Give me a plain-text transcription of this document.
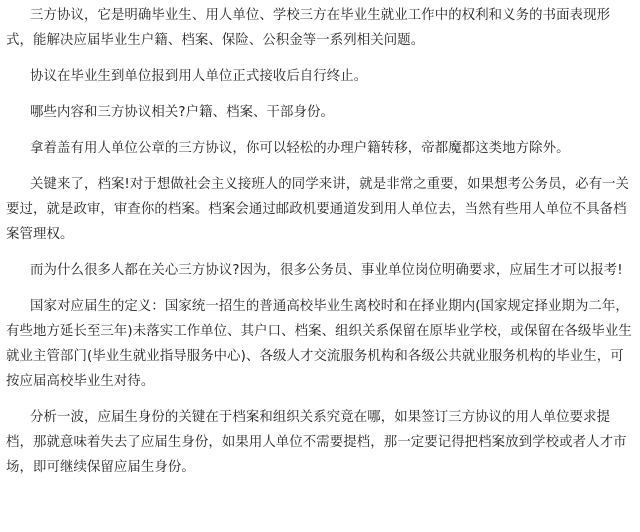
三方协议，它是明确毕业生、用人单位、学校三方在毕业生就业工作中的权利和义务的书面表现形式，能解决应届毕业生户籍、档案、保险、公积金等一系列相关问题。

协议在毕业生到单位报到用人单位正式接收后自行终止。

哪些内容和三方协议相关?户籍、档案、干部身份。

拿着盖有用人单位公章的三方协议，你可以轻松的办理户籍转移，帝都魔都这类地方除外。

关键来了，档案!对于想做社会主义接班人的同学来讲，就是非常之重要，如果想考公务员，必有一关要过，就是政审，审查你的档案。档案会通过邮政机要通道发到用人单位去，当然有些用人单位不具备档案管理权。

而为什么很多人都在关心三方协议?因为，很多公务员、事业单位岗位明确要求，应届生才可以报考!

国家对应届生的定义：国家统一招生的普通高校毕业生离校时和在择业期内(国家规定择业期为二年，有些地方延长至三年)未落实工作单位、其户口、档案、组织关系保留在原毕业学校，或保留在各级毕业生就业主管部门(毕业生就业指导服务中心)、各级人才交流服务机构和各级公共就业服务机构的毕业生，可按应届高校毕业生对待。

分析一波，应届生身份的关键在于档案和组织关系究竟在哪，如果签订三方协议的用人单位要求提档，那就意味着失去了应届生身份，如果用人单位不需要提档，那一定要记得把档案放到学校或者人才市场，即可继续保留应届生身份。
